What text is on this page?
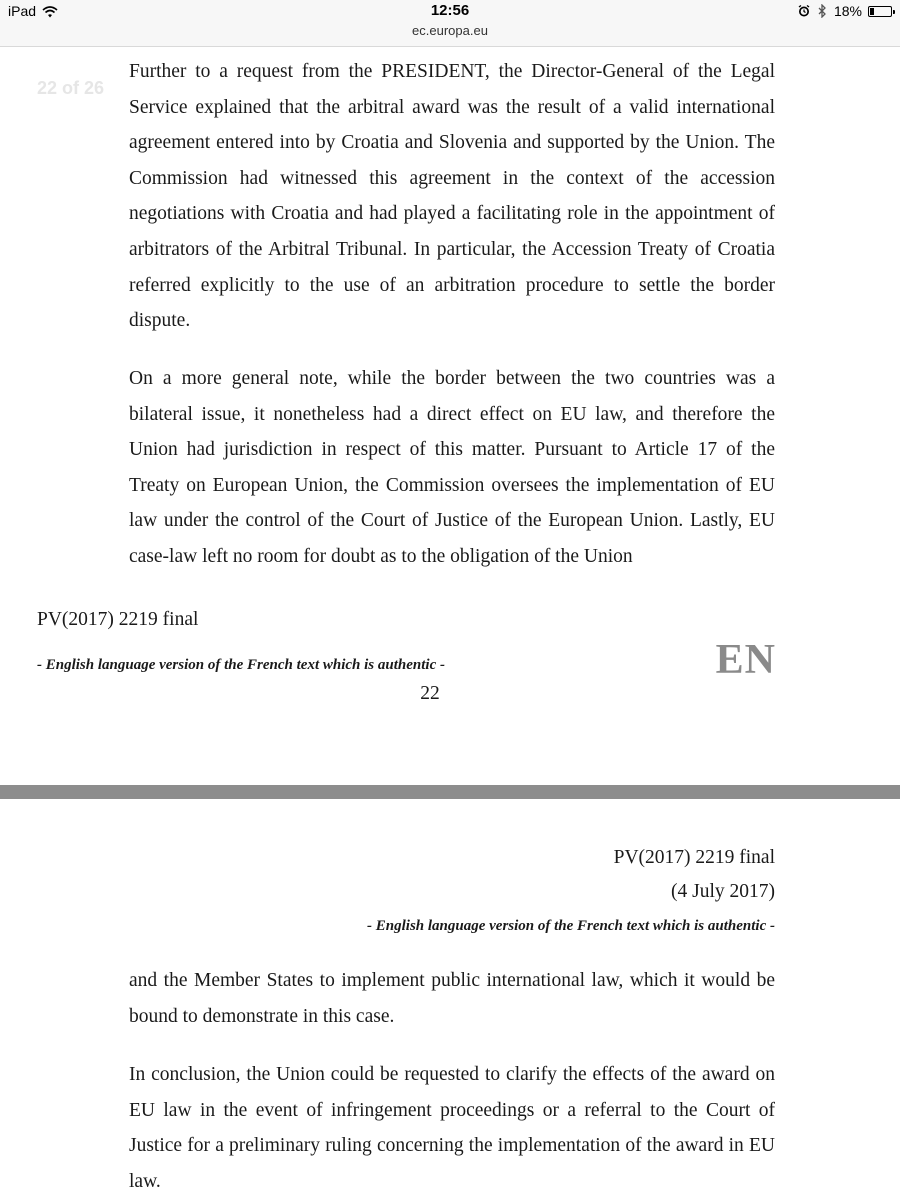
iPad	12:56
ec.europa.eu
18%
22 of 26

Further to a request from the PRESIDENT, the Director-General of the Legal Service explained that the arbitral award was the result of a valid international agreement entered into by Croatia and Slovenia and supported by the Union. The Commission had witnessed this agreement in the context of the accession negotiations with Croatia and had played a facilitating role in the appointment of arbitrators of the Arbitral Tribunal. In particular, the Accession Treaty of Croatia referred explicitly to the use of an arbitration procedure to settle the border dispute.

On a more general note, while the border between the two countries was a bilateral issue, it nonetheless had a direct effect on EU law, and therefore the Union had jurisdiction in respect of this matter. Pursuant to Article 17 of the Treaty on European Union, the Commission oversees the implementation of EU law under the control of the Court of Justice of the European Union. Lastly, EU case-law left no room for doubt as to the obligation of the Union

PV(2017) 2219 final
- English language version of the French text which is authentic -	EN
22
PV(2017) 2219 final
(4 July 2017)
- English language version of the French text which is authentic -

and the Member States to implement public international law, which it would be bound to demonstrate in this case.

In conclusion, the Union could be requested to clarify the effects of the award on EU law in the event of infringement proceedings or a referral to the Court of Justice for a preliminary ruling concerning the implementation of the award in EU law.
